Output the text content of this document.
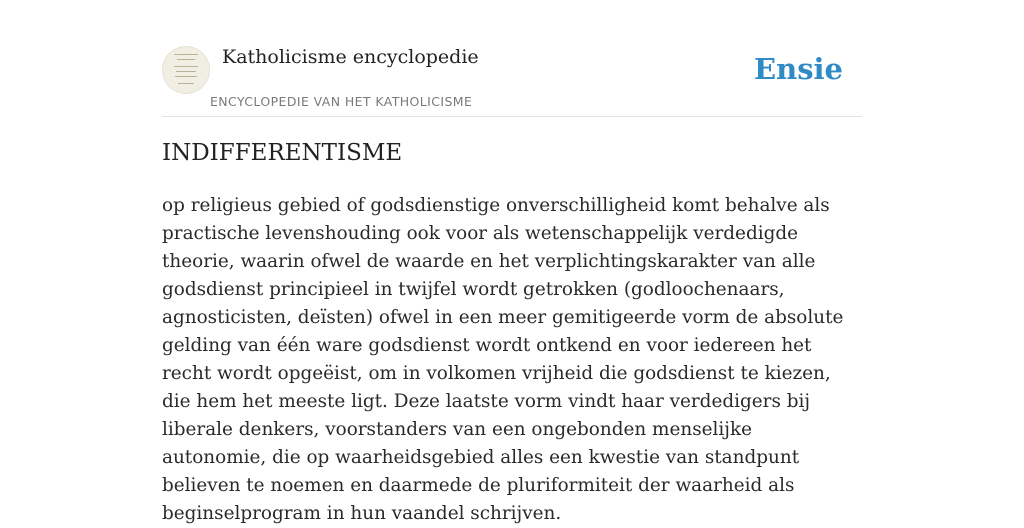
Katholicisme encyclopedie
ENCYCLOPEDIE VAN HET KATHOLICISME
Ensie
INDIFFERENTISME

op religieus gebied of godsdienstige onverschilligheid komt behalve als practische levenshouding ook voor als wetenschappelijk verdedigde theorie, waarin ofwel de waarde en het verplichtingskarakter van alle godsdienst principieel in twijfel wordt getrokken (godloochenaars, agnosticisten, deïsten) ofwel in een meer gemitigeerde vorm de absolute gelding van één ware godsdienst wordt ontkend en voor iedereen het recht wordt opgeëist, om in volkomen vrijheid die godsdienst te kiezen, die hem het meeste ligt. Deze laatste vorm vindt haar verdedigers bij liberale denkers, voorstanders van een ongebonden menselijke autonomie, die op waarheidsgebied alles een kwestie van standpunt believen te noemen en daarmede de pluriformiteit der waarheid als beginselprogram in hun vaandel schrijven.
